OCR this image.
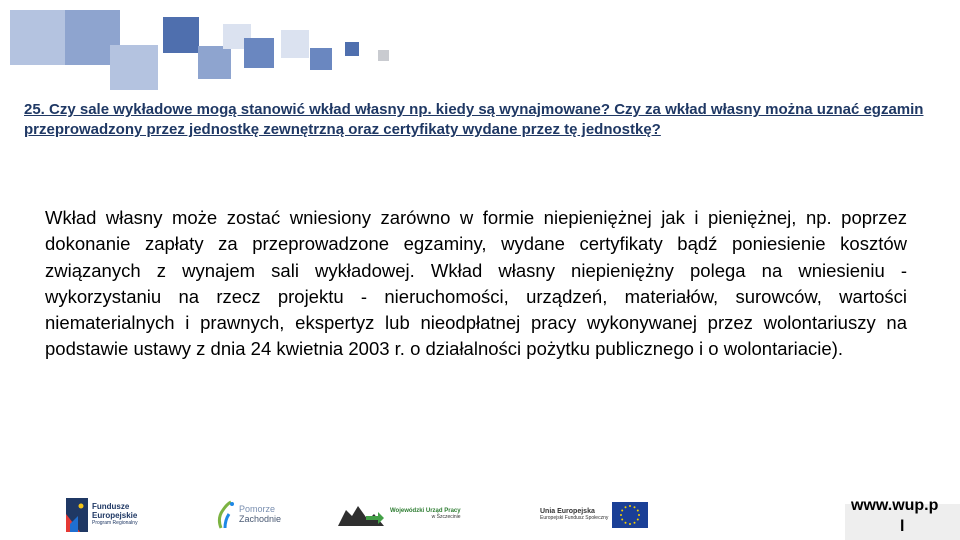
25. Czy sale wykładowe mogą stanowić wkład własny np. kiedy są wynajmowane? Czy za wkład własny można uznać egzamin przeprowadzony przez jednostkę zewnętrzną oraz certyfikaty wydane przez tę jednostkę?

Wkład własny może zostać wniesiony zarówno w formie niepieniężnej jak i pieniężnej, np. poprzez dokonanie zapłaty za przeprowadzone egzaminy, wydane certyfikaty bądź poniesienie kosztów związanych z wynajem sali wykładowej. Wkład własny niepieniężny polega na wniesieniu - wykorzystaniu na rzecz projektu - nieruchomości, urządzeń, materiałów, surowców, wartości niematerialnych i prawnych, ekspertyz lub nieodpłatnej pracy wykonywanej przez wolontariuszy na podstawie ustawy z dnia 24 kwietnia 2003 r. o działalności pożytku publicznego i o wolontariacie).

Fundusze
Europejskie
Program Regionalny
Pomorze
Zachodnie
Wojewódzki Urząd Pracy
w Szczecinie
Unia Europejska
Europejski Fundusz Społeczny
www.wup.p
l
